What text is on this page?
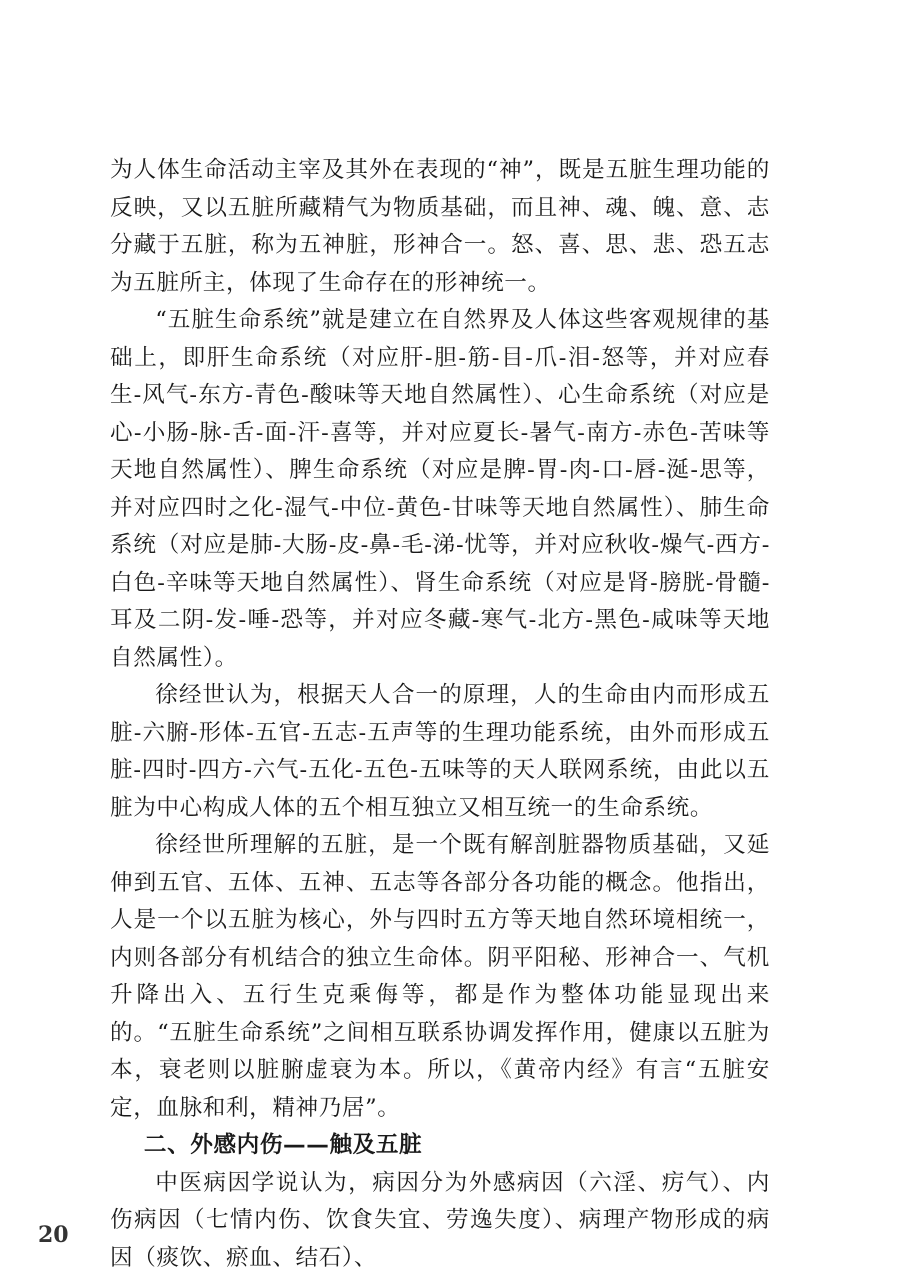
为人体生命活动主宰及其外在表现的“神”，既是五脏生理功能的反映，又以五脏所藏精气为物质基础，而且神、魂、魄、意、志分藏于五脏，称为五神脏，形神合一。怒、喜、思、悲、恐五志为五脏所主，体现了生命存在的形神统一。

“五脏生命系统”就是建立在自然界及人体这些客观规律的基础上，即肝生命系统（对应肝-胆-筋-目-爪-泪-怒等，并对应春生-风气-东方-青色-酸味等天地自然属性）、心生命系统（对应是心-小肠-脉-舌-面-汗-喜等，并对应夏长-暑气-南方-赤色-苦味等天地自然属性）、脾生命系统（对应是脾-胃-肉-口-唇-涎-思等，并对应四时之化-湿气-中位-黄色-甘味等天地自然属性）、肺生命系统（对应是肺-大肠-皮-鼻-毛-涕-忧等，并对应秋收-燥气-西方-白色-辛味等天地自然属性）、肾生命系统（对应是肾-膀胱-骨髓-耳及二阴-发-唾-恐等，并对应冬藏-寒气-北方-黑色-咸味等天地自然属性）。

徐经世认为，根据天人合一的原理，人的生命由内而形成五脏-六腑-形体-五官-五志-五声等的生理功能系统，由外而形成五脏-四时-四方-六气-五化-五色-五味等的天人联网系统，由此以五脏为中心构成人体的五个相互独立又相互统一的生命系统。

徐经世所理解的五脏，是一个既有解剖脏器物质基础，又延伸到五官、五体、五神、五志等各部分各功能的概念。他指出，人是一个以五脏为核心，外与四时五方等天地自然环境相统一，内则各部分有机结合的独立生命体。阴平阳秘、形神合一、气机升降出入、五行生克乘侮等，都是作为整体功能显现出来的。“五脏生命系统”之间相互联系协调发挥作用，健康以五脏为本，衰老则以脏腑虚衰为本。所以，《黄帝内经》有言“五脏安定，血脉和利，精神乃居”。

二、外感内伤——触及五脏

中医病因学说认为，病因分为外感病因（六淫、疠气）、内伤病因（七情内伤、饮食失宜、劳逸失度）、病理产物形成的病因（痰饮、瘀血、结石）、

20
